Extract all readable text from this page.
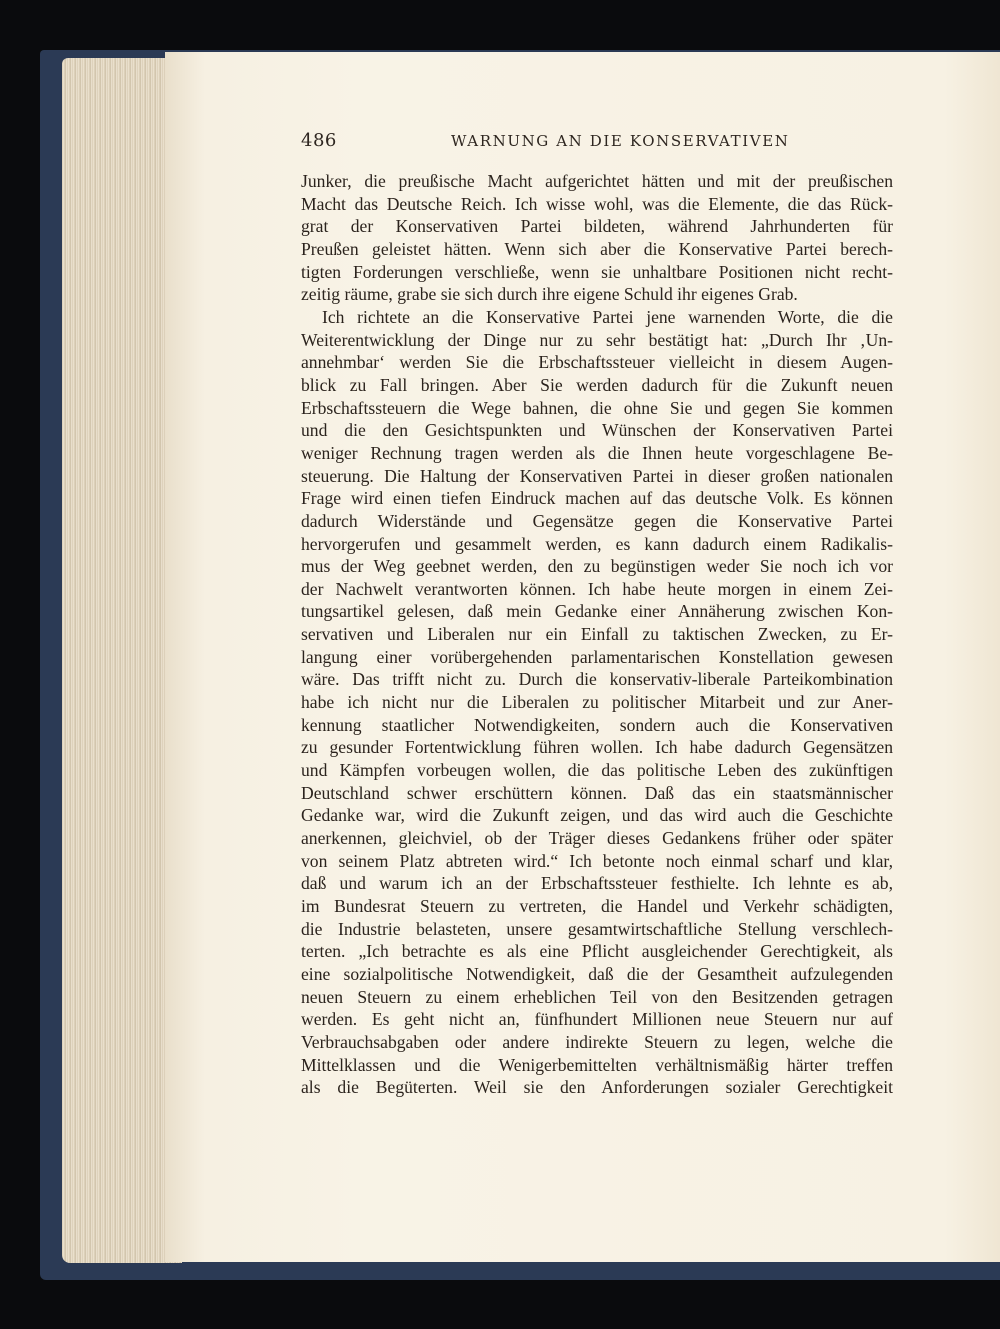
486	WARNUNG AN DIE KONSERVATIVEN
Junker, die preußische Macht aufgerichtet hätten und mit der preußischen
Macht das Deutsche Reich. Ich wisse wohl, was die Elemente, die das Rück-
grat der Konservativen Partei bildeten, während Jahrhunderten für
Preußen geleistet hätten. Wenn sich aber die Konservative Partei berech-
tigten Forderungen verschließe, wenn sie unhaltbare Positionen nicht recht-
zeitig räume, grabe sie sich durch ihre eigene Schuld ihr eigenes Grab.
Ich richtete an die Konservative Partei jene warnenden Worte, die die
Weiterentwicklung der Dinge nur zu sehr bestätigt hat: „Durch Ihr ‚Un-
annehmbar‘ werden Sie die Erbschaftssteuer vielleicht in diesem Augen-
blick zu Fall bringen. Aber Sie werden dadurch für die Zukunft neuen
Erbschaftssteuern die Wege bahnen, die ohne Sie und gegen Sie kommen
und die den Gesichtspunkten und Wünschen der Konservativen Partei
weniger Rechnung tragen werden als die Ihnen heute vorgeschlagene Be-
steuerung. Die Haltung der Konservativen Partei in dieser großen nationalen
Frage wird einen tiefen Eindruck machen auf das deutsche Volk. Es können
dadurch Widerstände und Gegensätze gegen die Konservative Partei
hervorgerufen und gesammelt werden, es kann dadurch einem Radikalis-
mus der Weg geebnet werden, den zu begünstigen weder Sie noch ich vor
der Nachwelt verantworten können. Ich habe heute morgen in einem Zei-
tungsartikel gelesen, daß mein Gedanke einer Annäherung zwischen Kon-
servativen und Liberalen nur ein Einfall zu taktischen Zwecken, zu Er-
langung einer vorübergehenden parlamentarischen Konstellation gewesen
wäre. Das trifft nicht zu. Durch die konservativ-liberale Parteikombination
habe ich nicht nur die Liberalen zu politischer Mitarbeit und zur Aner-
kennung staatlicher Notwendigkeiten, sondern auch die Konservativen
zu gesunder Fortentwicklung führen wollen. Ich habe dadurch Gegensätzen
und Kämpfen vorbeugen wollen, die das politische Leben des zukünftigen
Deutschland schwer erschüttern können. Daß das ein staatsmännischer
Gedanke war, wird die Zukunft zeigen, und das wird auch die Geschichte
anerkennen, gleichviel, ob der Träger dieses Gedankens früher oder später
von seinem Platz abtreten wird.“ Ich betonte noch einmal scharf und klar,
daß und warum ich an der Erbschaftssteuer festhielte. Ich lehnte es ab,
im Bundesrat Steuern zu vertreten, die Handel und Verkehr schädigten,
die Industrie belasteten, unsere gesamtwirtschaftliche Stellung verschlech-
terten. „Ich betrachte es als eine Pflicht ausgleichender Gerechtigkeit, als
eine sozialpolitische Notwendigkeit, daß die der Gesamtheit aufzulegenden
neuen Steuern zu einem erheblichen Teil von den Besitzenden getragen
werden. Es geht nicht an, fünfhundert Millionen neue Steuern nur auf
Verbrauchsabgaben oder andere indirekte Steuern zu legen, welche die
Mittelklassen und die Wenigerbemittelten verhältnismäßig härter treffen
als die Begüterten. Weil sie den Anforderungen sozialer Gerechtigkeit
